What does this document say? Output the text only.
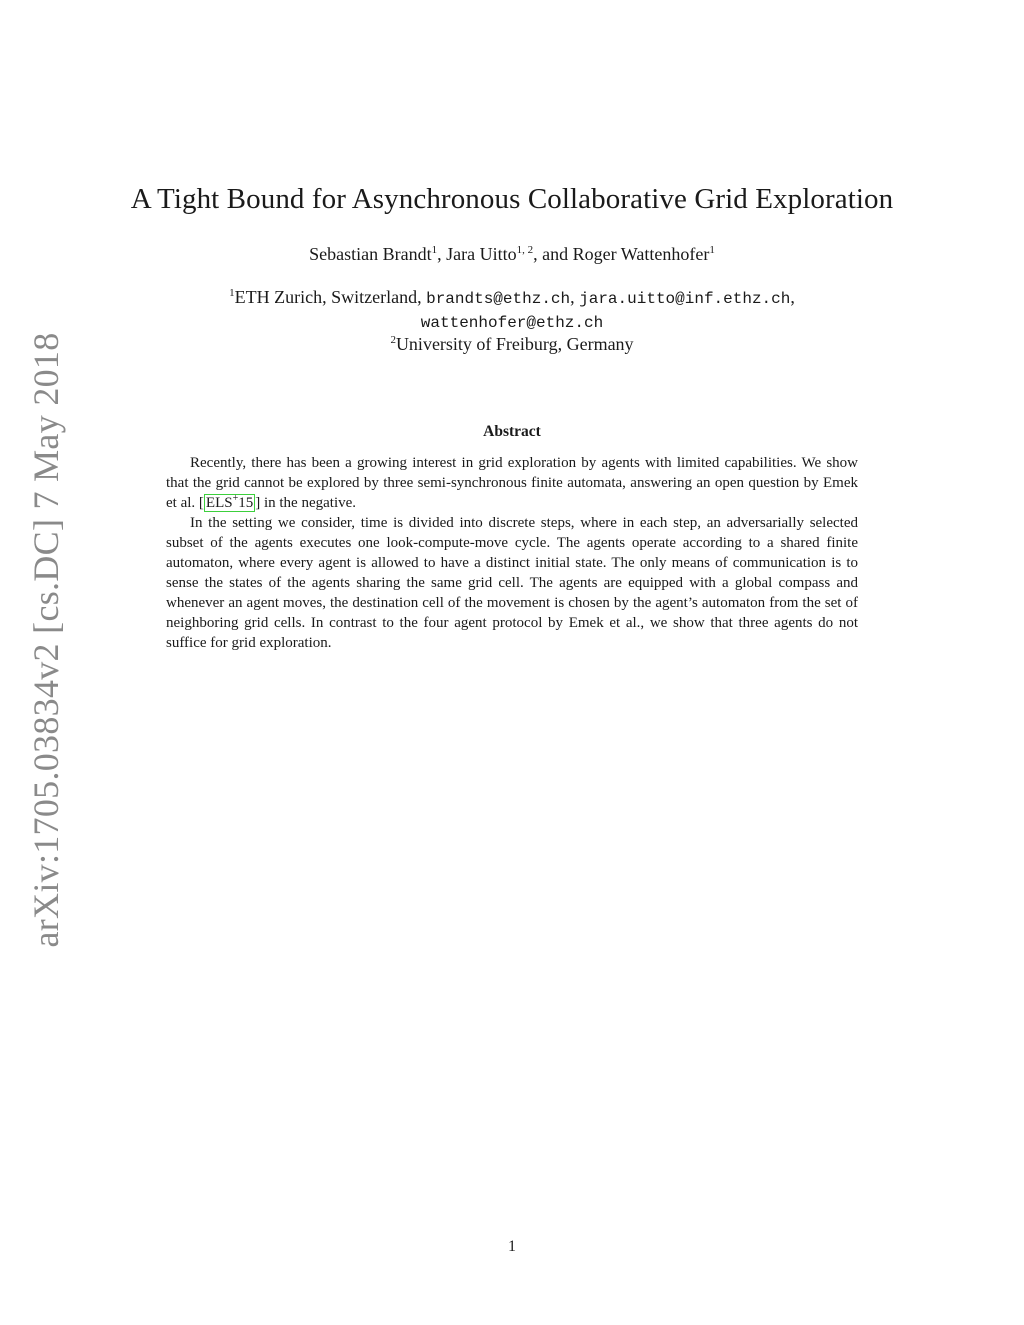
arXiv:1705.03834v2 [cs.DC] 7 May 2018
A Tight Bound for Asynchronous Collaborative Grid Exploration
Sebastian Brandt$^1$, Jara Uitto$^{1, 2}$, and Roger Wattenhofer$^1$
$^1$ETH Zurich, Switzerland, brandts@ethz.ch, jara.uitto@inf.ethz.ch,
wattenhofer@ethz.ch
$^2$University of Freiburg, Germany
Abstract

Recently, there has been a growing interest in grid exploration by agents with limited capabilities. We show that the grid cannot be explored by three semi-synchronous finite automata, answering an open question by Emek et al. [ ELS+15 ] in the negative.

In the setting we consider, time is divided into discrete steps, where in each step, an adversarially selected subset of the agents executes one look-compute-move cycle. The agents operate according to a shared finite automaton, where every agent is allowed to have a distinct initial state. The only means of communication is to sense the states of the agents sharing the same grid cell. The agents are equipped with a global compass and whenever an agent moves, the destination cell of the movement is chosen by the agent’s automaton from the set of neighboring grid cells. In contrast to the four agent protocol by Emek et al., we show that three agents do not suffice for grid exploration.

1
